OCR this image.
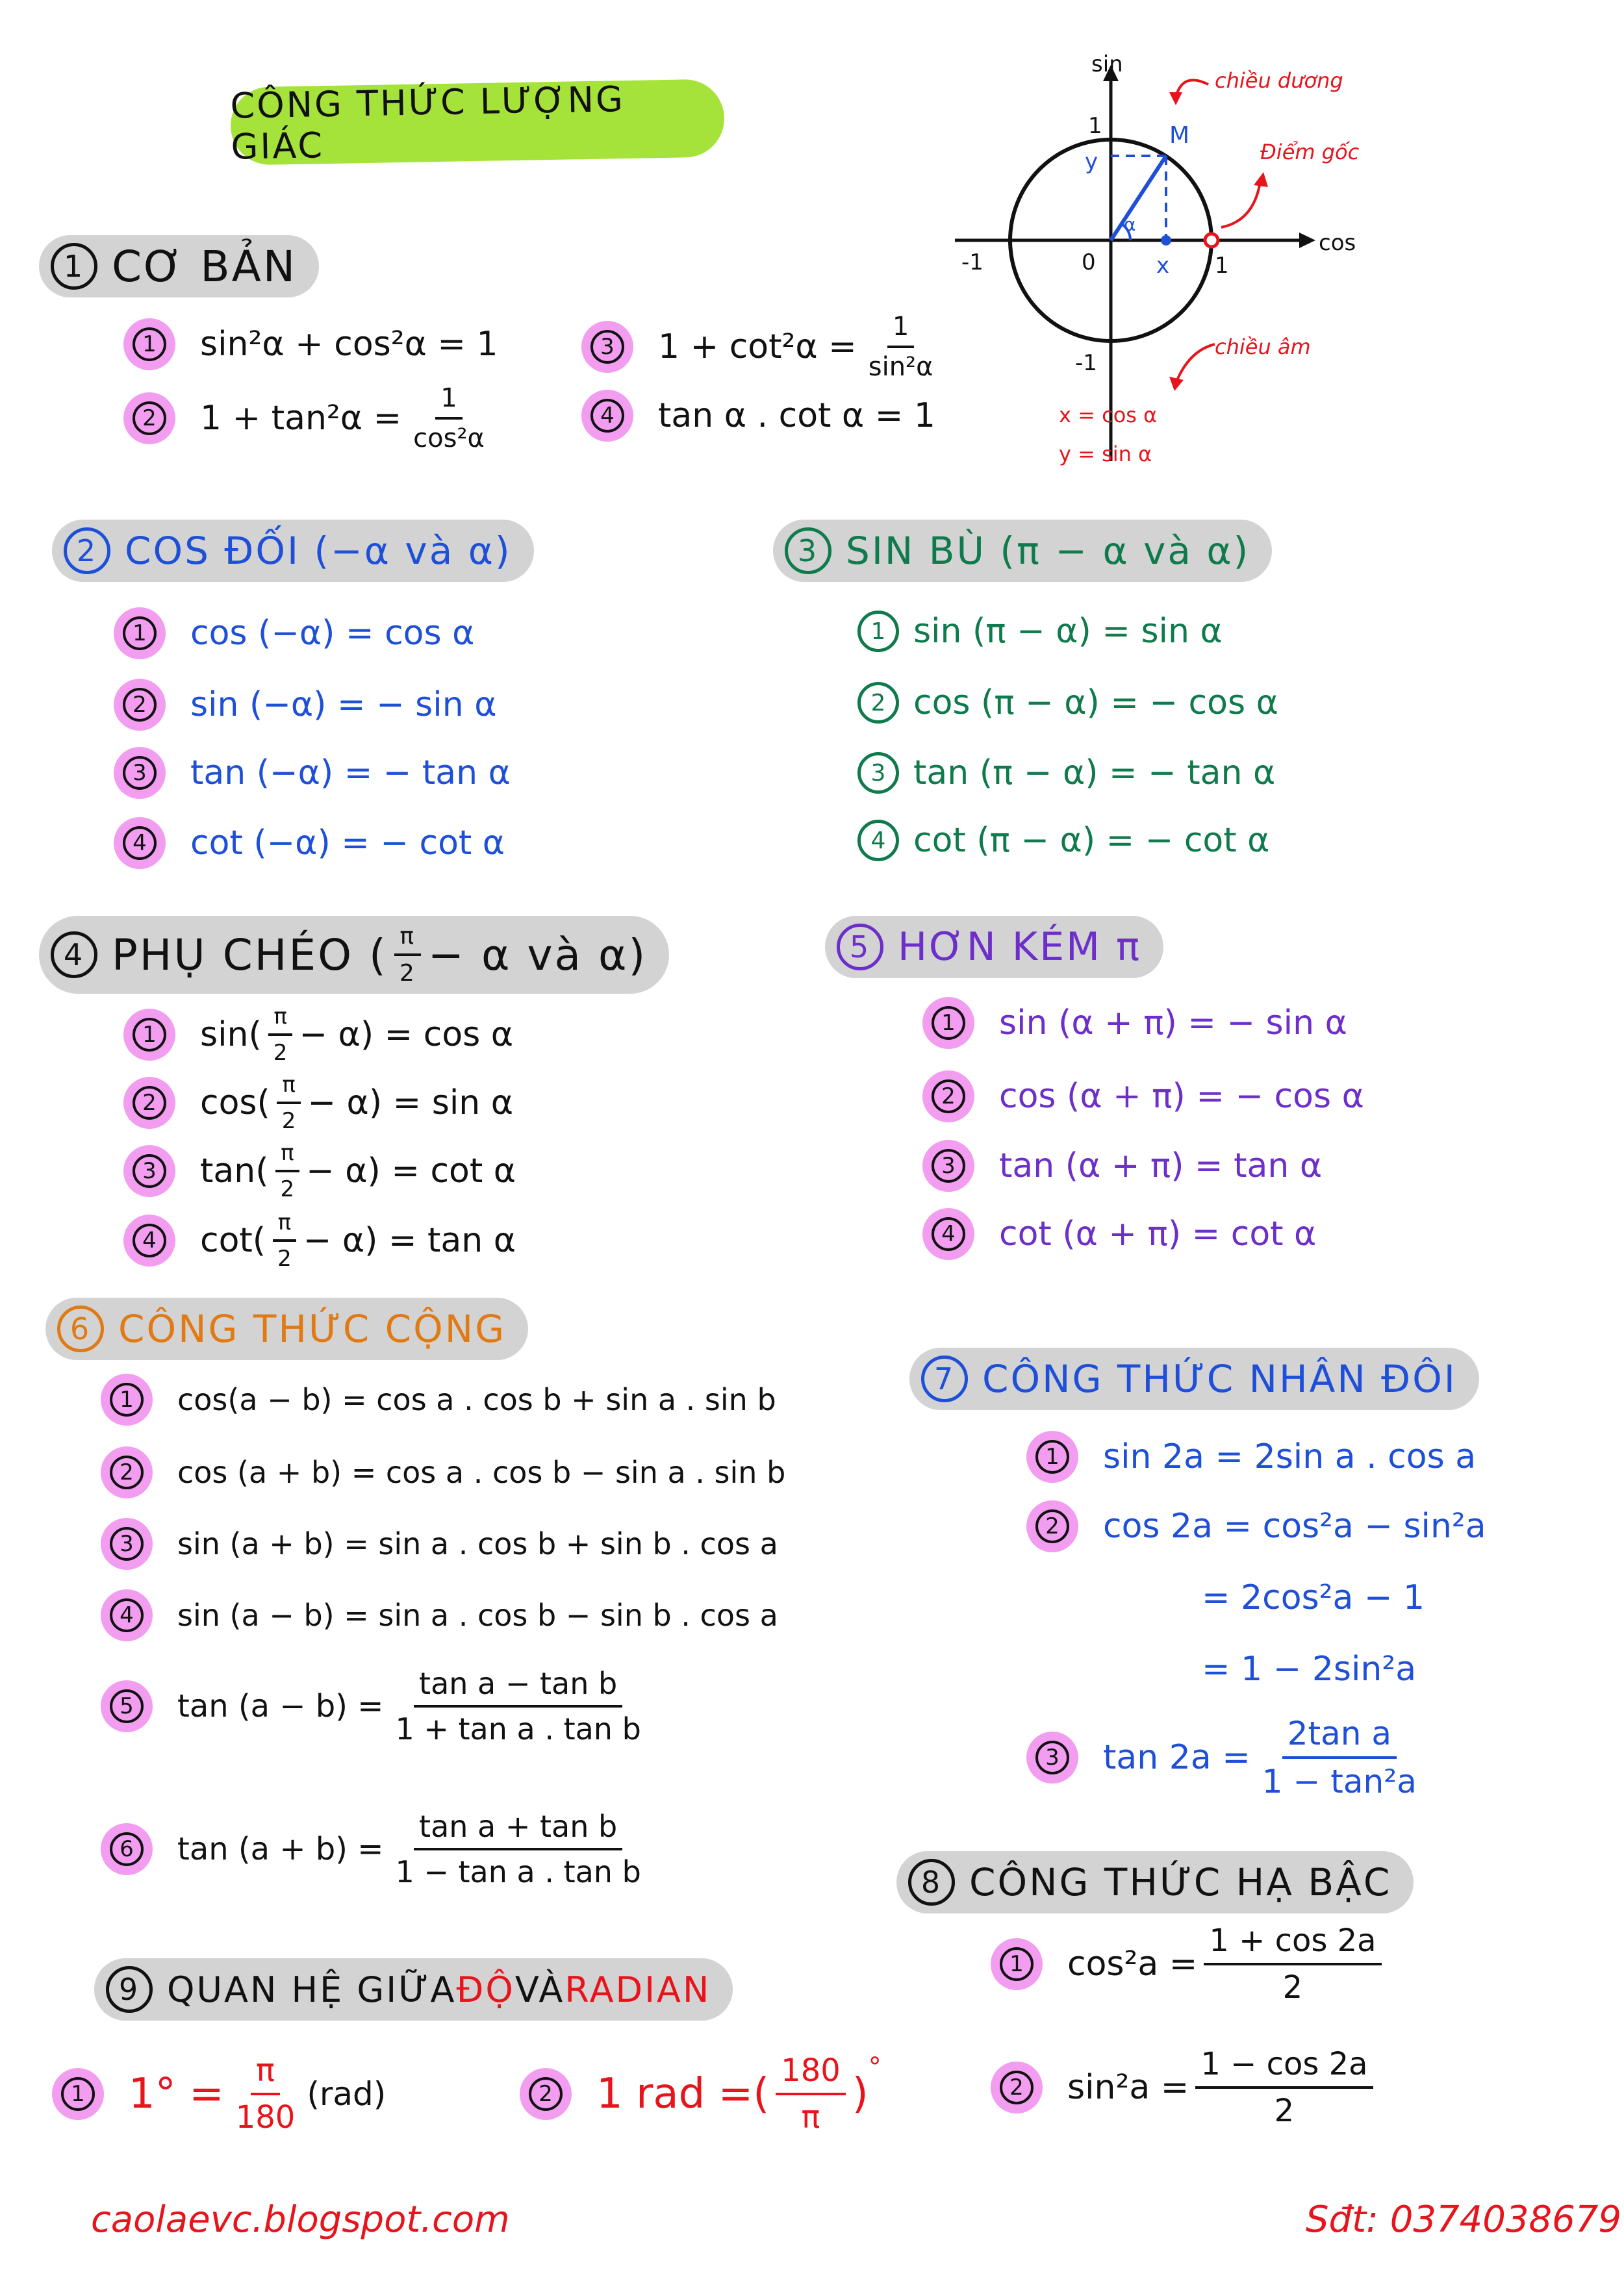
CÔNG THỨC LƯỢNG GIÁC
sin
cos
1
-1
-1	1
0
M
x
y
α
chiều dương
Điểm gốc
chiều âm
x = cos α
y = sin α
1 CƠ BẢN
1 sin²α + cos²α = 1
2 $1 + \tan^2\alpha = \frac{1}{\text{cos²α}}$
3 $1 + \cot^2\alpha = \frac{1}{\text{sin²α}}$
4 tan α . cot α = 1
2 COS ĐỐI (−α và α)
1 cos (−α) = cos α
2 sin (−α) = − sin α
3 tan (−α) = − tan α
4 cot (−α) = − cot α
3 SIN BÙ (π − α và α)
1 sin (π − α) = sin α
2 cos (π − α) = − cos α
3 tan (π − α) = − tan α
4 cot (π − α) = − cot α
4 PHỤ CHÉO ( $\frac{\pi}{2} - \alpha$ và α)
1 sin ( $\frac{\pi}{2} - \alpha$)
= cos α
2 cos ( $\frac{\pi}{2} - \alpha$)
= sin α
3 tan ( $\frac{\pi}{2} - \alpha$)
= cot α
4 cot ( $\frac{\pi}{2} - \alpha$)
= tan α
5 HƠN KÉM π
1 sin (α + π) = − sin α
2 cos (α + π) = − cos α
3 tan (α + π) = tan α
4 cot (α + π) = cot α
6 CÔNG THỨC CỘNG
1	cos(a − b) = cos a . cos b + sin a . sin b
2	cos (a + b) = cos a . cos b − sin a . sin b
3	sin (a + b) = sin a . cos b + sin b . cos a
4	sin (a − b) = sin a . cos b − sin b . cos a
5	$\tan (a - b) = \frac{\text{tan a − tan b}}{\text{1 + tan a . tan b}}$
6	$\tan (a + b) = \frac{\text{tan a + tan b}}{\text{1 − tan a . tan b}}$
7 CÔNG THỨC NHÂN ĐÔI
1 sin 2a = 2sin a . cos a
2 cos 2a = cos²a − sin²a
= 2cos²a − 1
= 1 − 2sin²a
3 $\tan 2a = \frac{\text{2tan a}}{\text{1 − tan²a}}$
8 CÔNG THỨC HẠ BẬC
1 $\cos^2a = \frac{1 + \cos 2a}{2}$
2 $\sin^2a = \frac{1 - \cos 2a}{2}$
9 QUAN HỆ GIỮA ĐỘ VÀ RADIAN
1 $1^\circ = \frac{\pi}{180} (rad)$	2 1 rad = ( $\frac{180}{\pi}$ )
°
caolaevc.blogspot.com	Sđt: 0374038679
